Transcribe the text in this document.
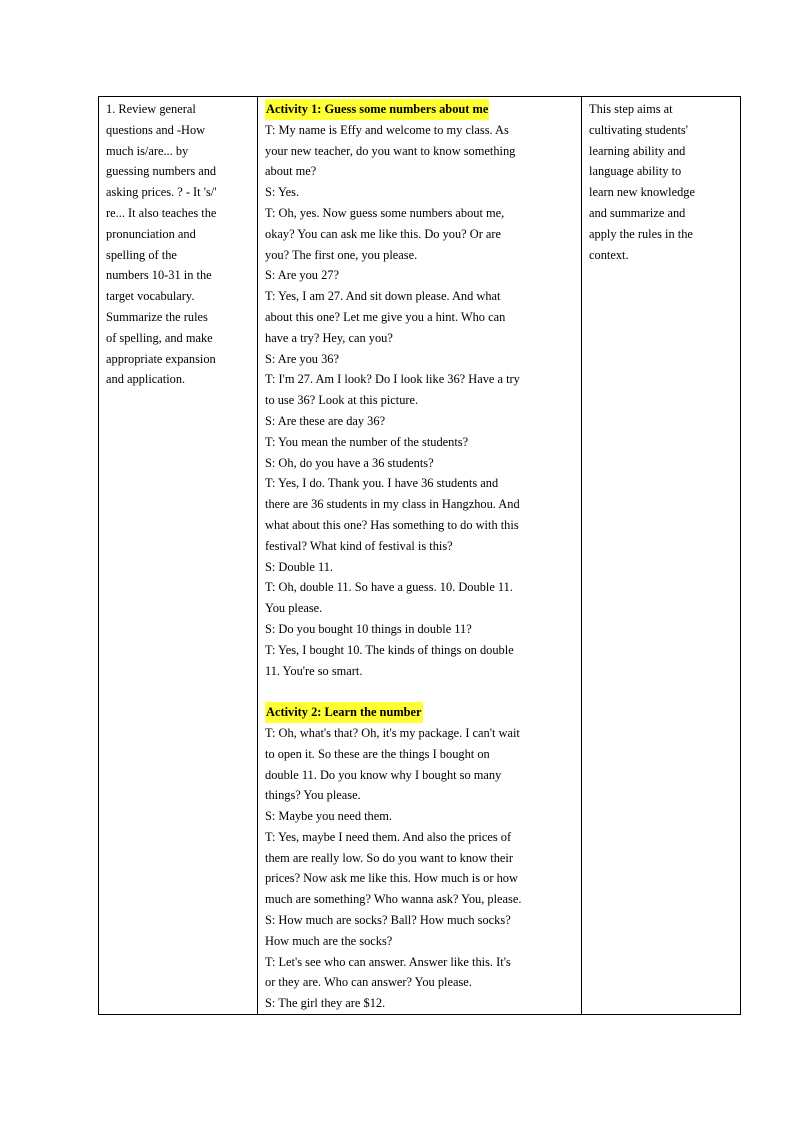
1. Review general
questions and -How
much is/are... by
guessing numbers and
asking prices. ? - It 's/'
re... It also teaches the
pronunciation and
spelling of the
numbers 10-31 in the
target vocabulary.
Summarize the rules
of spelling, and make
appropriate expansion
and application.

Activity 1: Guess some numbers about me
T: My name is Effy and welcome to my class. As
your new teacher, do you want to know something
about me?
S: Yes.
T: Oh, yes. Now guess some numbers about me,
okay? You can ask me like this. Do you? Or are
you? The first one, you please.
S: Are you 27?
T: Yes, I am 27. And sit down please. And what
about this one? Let me give you a hint. Who can
have a try? Hey, can you?
S: Are you 36?
T: I'm 27. Am I look? Do I look like 36? Have a try
to use 36? Look at this picture.
S: Are these are day 36?
T: You mean the number of the students?
S: Oh, do you have a 36 students?
T: Yes, I do. Thank you. I have 36 students and
there are 36 students in my class in Hangzhou. And
what about this one? Has something to do with this
festival? What kind of festival is this?
S: Double 11.
T: Oh, double 11. So have a guess. 10. Double 11.
You please.
S: Do you bought 10 things in double 11?
T: Yes, I bought 10. The kinds of things on double
11. You're so smart.
Activity 2: Learn the number
T: Oh, what's that? Oh, it's my package. I can't wait
to open it. So these are the things I bought on
double 11. Do you know why I bought so many
things? You please.
S: Maybe you need them.
T: Yes, maybe I need them. And also the prices of
them are really low. So do you want to know their
prices? Now ask me like this. How much is or how
much are something? Who wanna ask? You, please.
S: How much are socks? Ball? How much socks?
How much are the socks?
T: Let's see who can answer. Answer like this. It's
or they are. Who can answer? You please.
S: The girl they are $12.

This step aims at
cultivating students'
learning ability and
language ability to
learn new knowledge
and summarize and
apply the rules in the
context.
